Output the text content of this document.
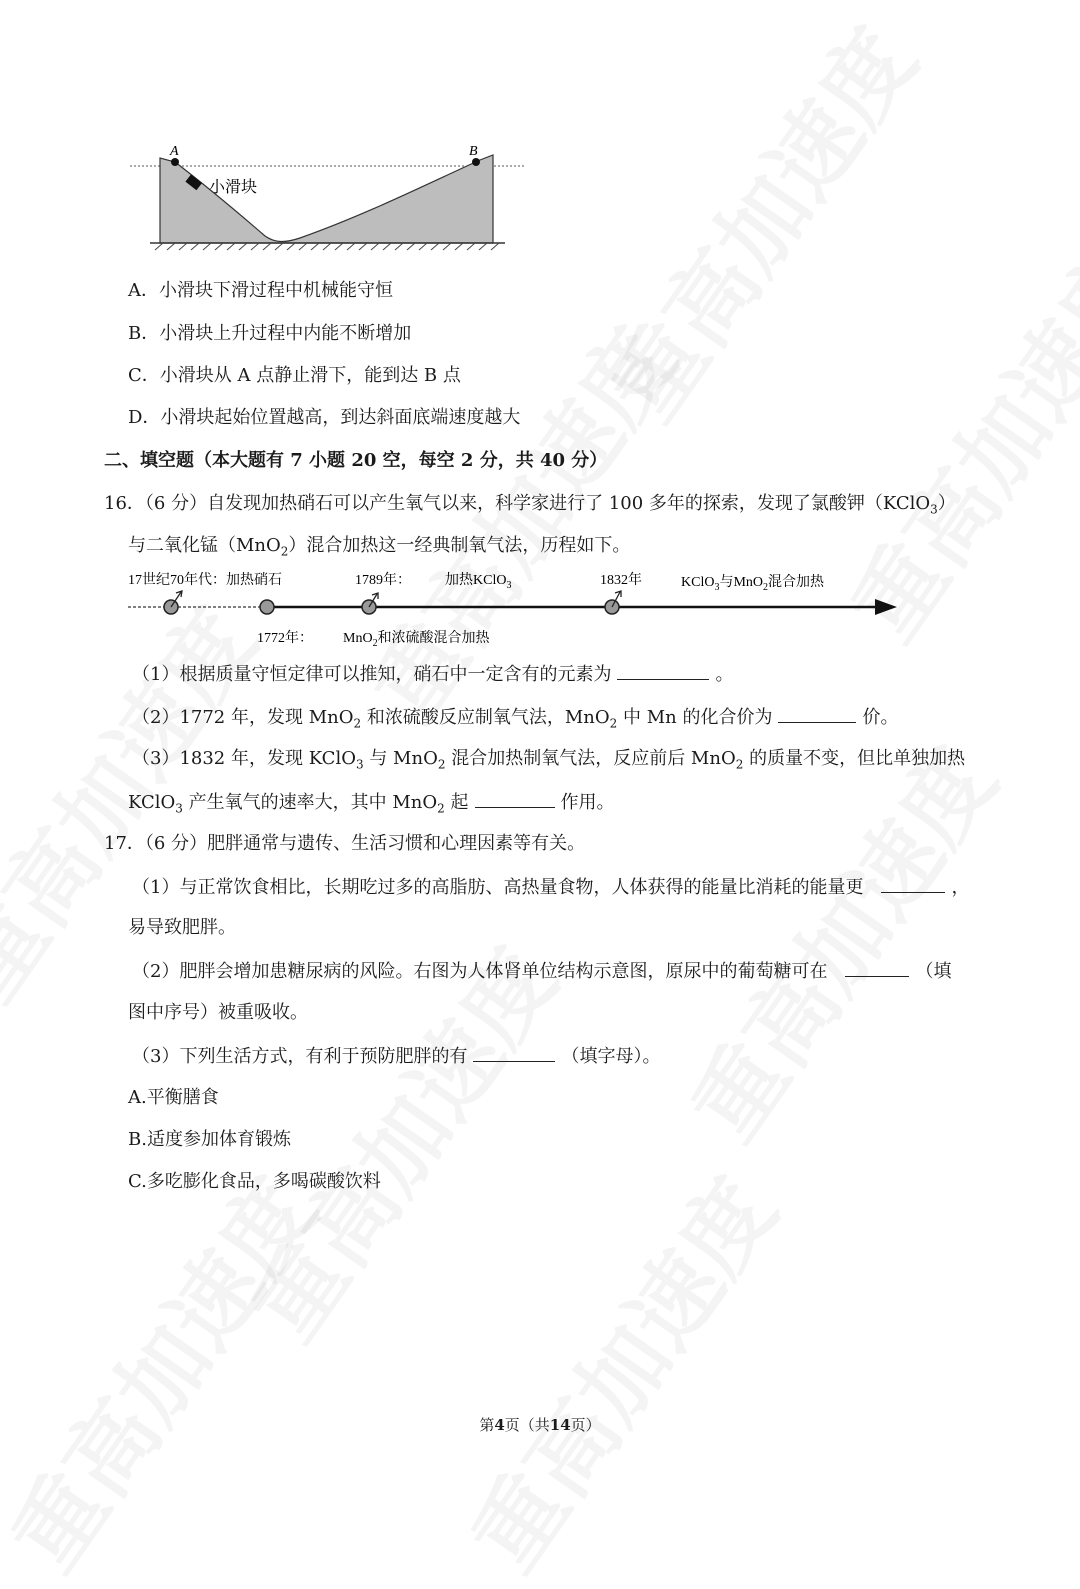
A	B
小滑块
A．小滑块下滑过程中机械能守恒
B．小滑块上升过程中内能不断增加
C．小滑块从 A 点静止滑下，能到达 B 点
D．小滑块起始位置越高，到达斜面底端速度越大
二、填空题（本大题有 7 小题 20 空，每空 2 分，共 40 分）
16．（6 分）自发现加热硝石可以产生氧气以来，科学家进行了 100 多年的探索，发现了氯酸钾（KClO$_3$）
与二氧化锰（MnO$_2$）混合加热这一经典制氧气法，历程如下。
17世纪70年代：加热硝石	1789年： 加热KClO$_3$	1832年	KClO$_3$与MnO$_2$混合加热
1772年： MnO$_2$和浓硫酸混合加热
（1）根据质量守恒定律可以推知，硝石中一定含有的元素为	。
（2）1772 年，发现 MnO$_2$ 和浓硫酸反应制氧气法，MnO$_2$ 中 Mn 的化合价为	价。
（3）1832 年，发现 KClO$_3$ 与 MnO$_2$ 混合加热制氧气法，反应前后 MnO$_2$ 的质量不变，但比单独加热
KClO$_3$ 产生氧气的速率大，其中 MnO$_2$ 起	作用。
17．（6 分）肥胖通常与遗传、生活习惯和心理因素等有关。
（1）与正常饮食相比，长期吃过多的高脂肪、高热量食物，人体获得的能量比消耗的能量更	，
易导致肥胖。
（2）肥胖会增加患糖尿病的风险。右图为人体肾单位结构示意图，原尿中的葡萄糖可在	（填
图中序号）被重吸收。
（3）下列生活方式，有利于预防肥胖的有	（填字母）。
A.平衡膳食
B.适度参加体育锻炼
C.多吃膨化食品，多喝碳酸饮料
第4页（共14页）
